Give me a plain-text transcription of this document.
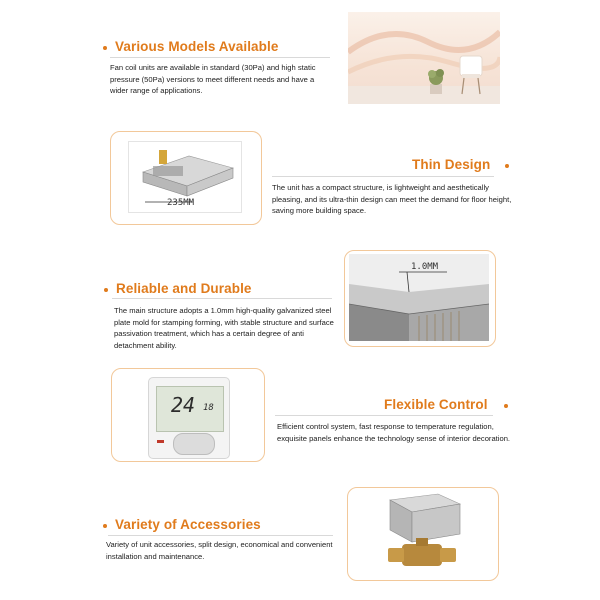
Various Models Available
Fan coil units are available in standard (30Pa) and high static pressure (50Pa) versions to meet different needs and have a wider range of applications.
235MM
Thin Design
The unit has a compact structure, is lightweight and aesthetically pleasing, and its ultra-thin design can meet the demand for floor height, saving more building space.
Reliable and Durable
The main structure adopts a 1.0mm high-quality galvanized steel plate mold for stamping forming, with stable structure and surface passivation treatment, which has a certain degree of anti detachment ability.
1.0MM
24 18	Flexible Control
Efficient control system, fast response to temperature regulation, exquisite panels enhance the technology sense of interior decoration.
Variety of Accessories
Variety of unit accessories, split design, economical and convenient installation and maintenance.
